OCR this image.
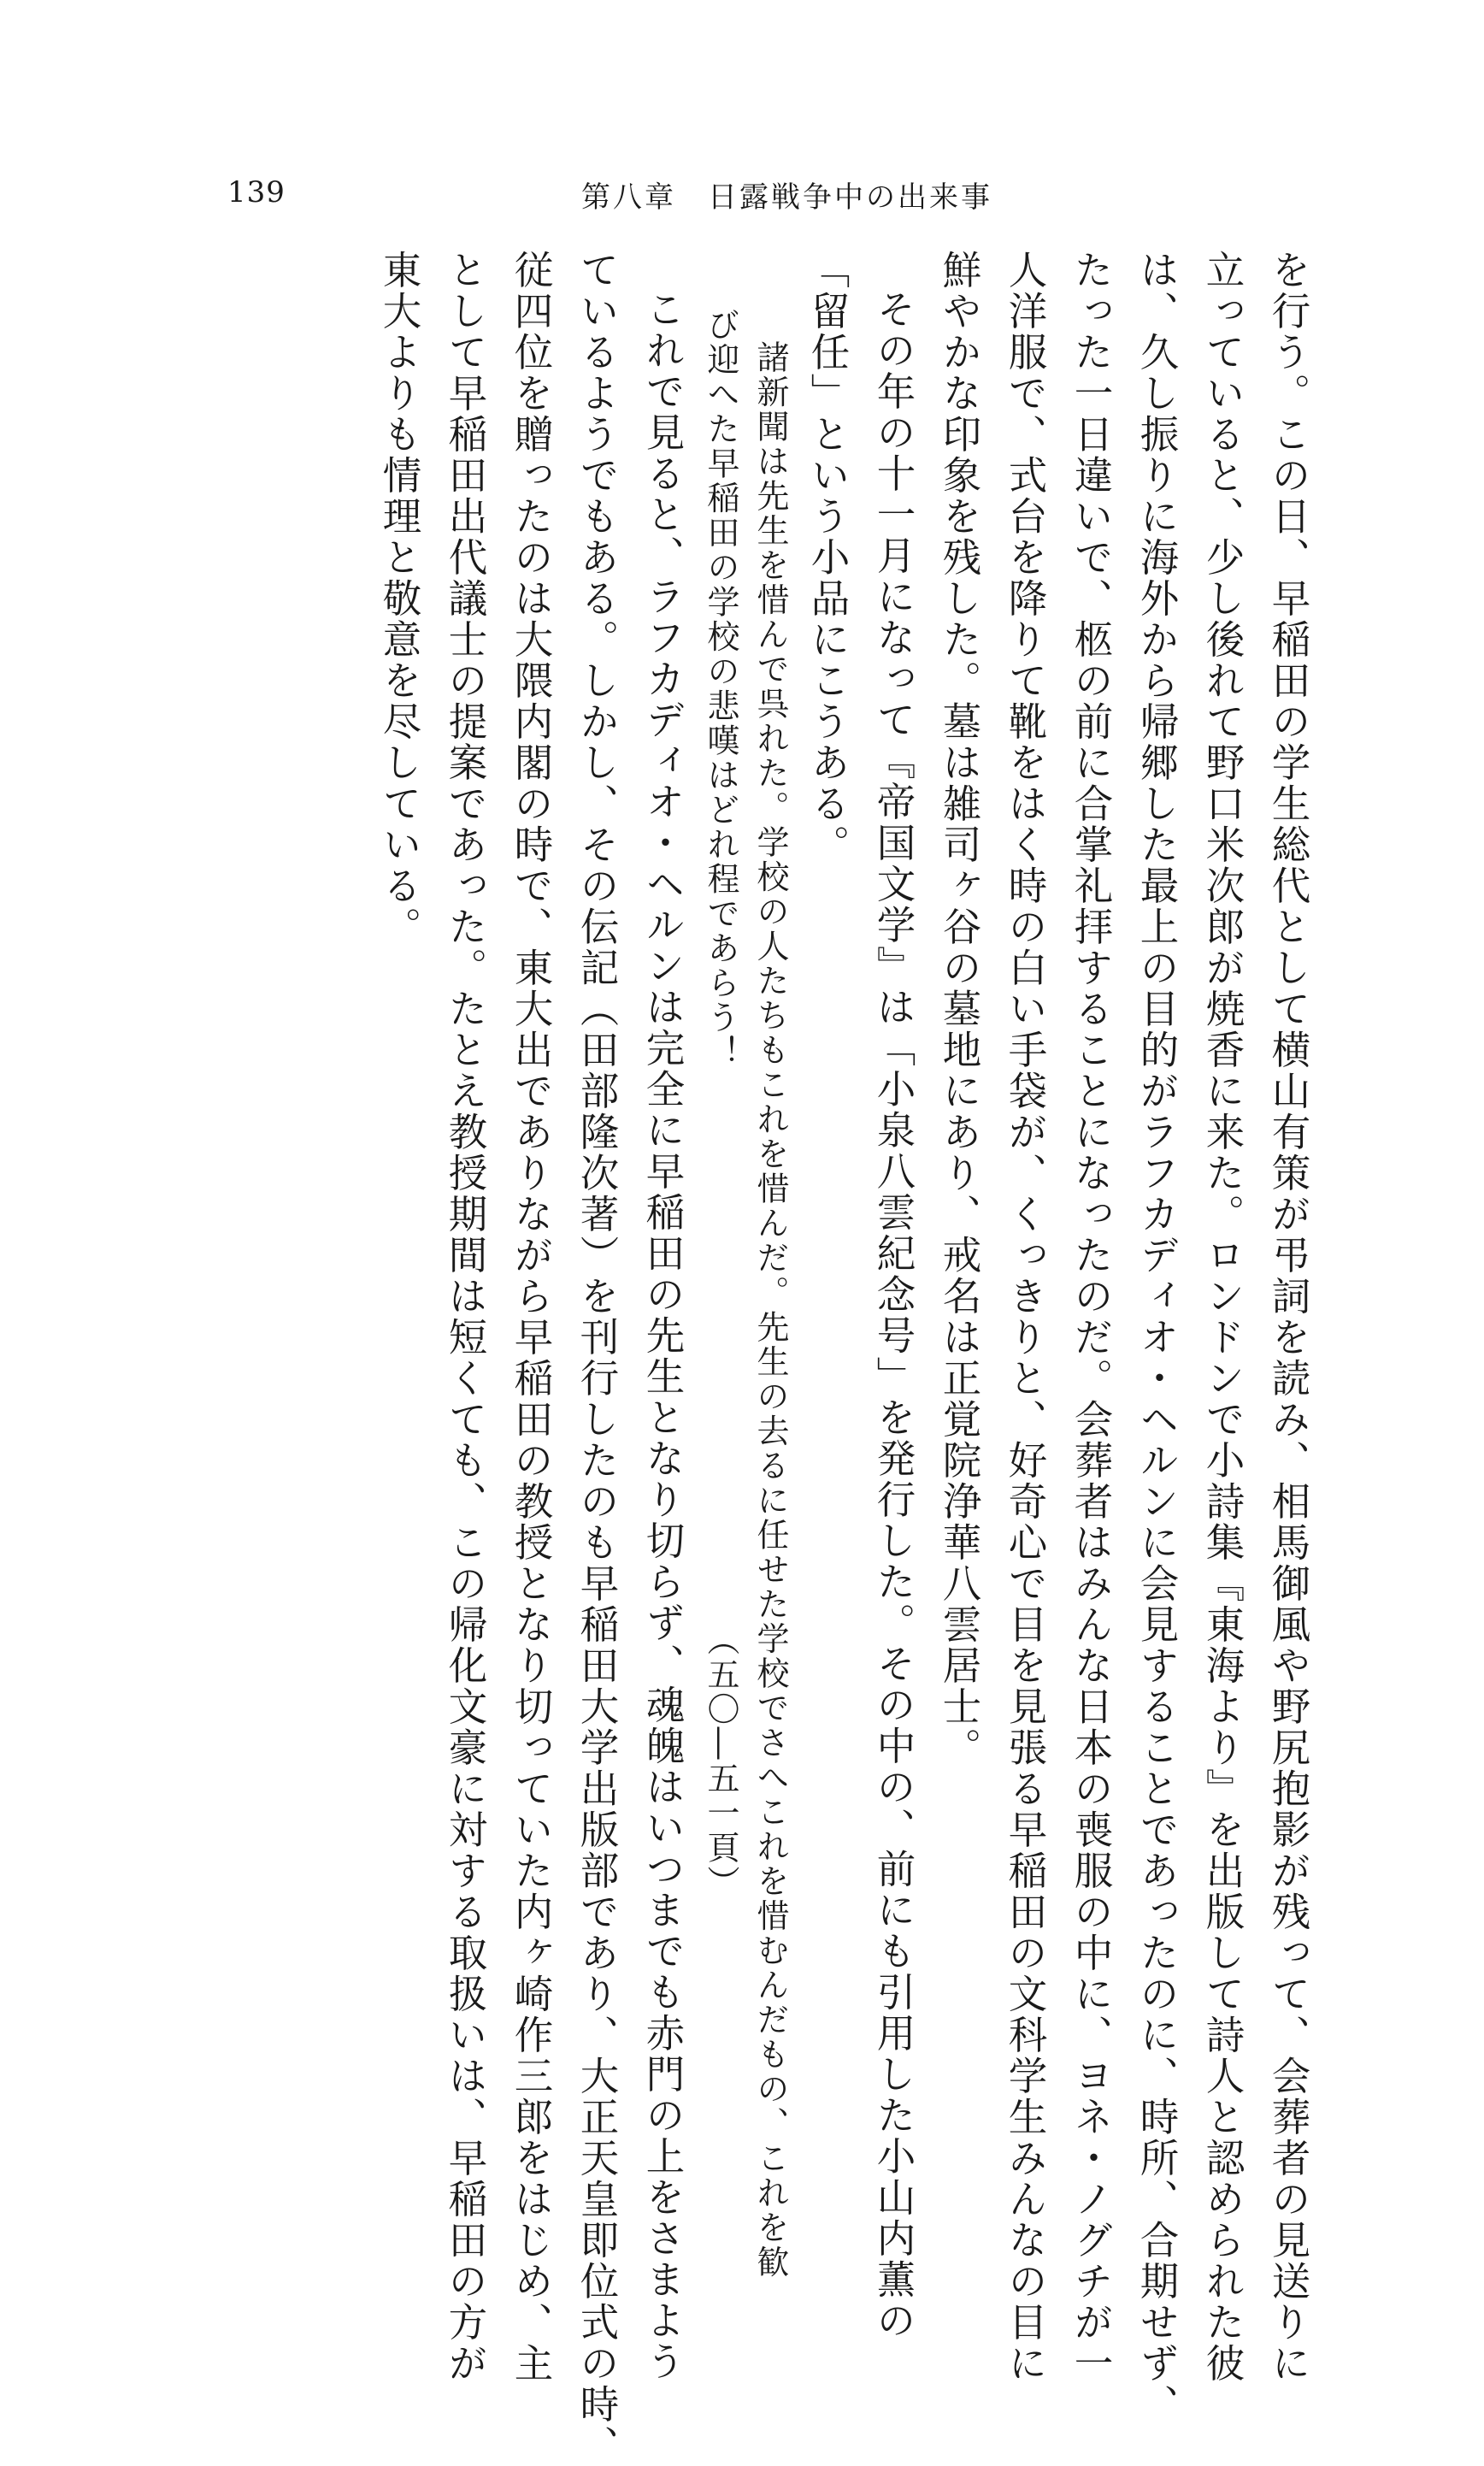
139	第八章　日露戦争中の出来事
を行う。この日、早稲田の学生総代として横山有策が弔詞を読み、相馬御風や野尻抱影が残って、会葬者の見送りに
立っていると、少し後れて野口米次郎が焼香に来た。ロンドンで小詩集『東海より』を出版して詩人と認められた彼
は、久し振りに海外から帰郷した最上の目的がラフカディオ・ヘルンに会見することであったのに、時所、合期せず、
たった一日違いで、柩の前に合掌礼拝することになったのだ。会葬者はみんな日本の喪服の中に、ヨネ・ノグチが一
人洋服で、式台を降りて靴をはく時の白い手袋が、くっきりと、好奇心で目を見張る早稲田の文科学生みんなの目に
鮮やかな印象を残した。墓は雑司ヶ谷の墓地にあり、戒名は正覚院浄華八雲居士。
その年の十一月になって『帝国文学』は「小泉八雲紀念号」を発行した。その中の、前にも引用した小山内薫の
「留任」という小品にこうある。
諸新聞は先生を惜んで呉れた。学校の人たちもこれを惜んだ。先生の去るに任せた学校でさへこれを惜むんだもの、これを歓
び迎へた早稲田の学校の悲嘆はどれ程であらう！
（五〇―五一頁）
これで見ると、ラフカディオ・ヘルンは完全に早稲田の先生となり切らず、魂魄はいつまでも赤門の上をさまよう
ているようでもある。しかし、その伝記（田部隆次著）を刊行したのも早稲田大学出版部であり、大正天皇即位式の時、
従四位を贈ったのは大隈内閣の時で、東大出でありながら早稲田の教授となり切っていた内ヶ崎作三郎をはじめ、主
として早稲田出代議士の提案であった。たとえ教授期間は短くても、この帰化文豪に対する取扱いは、早稲田の方が
東大よりも情理と敬意を尽している。
